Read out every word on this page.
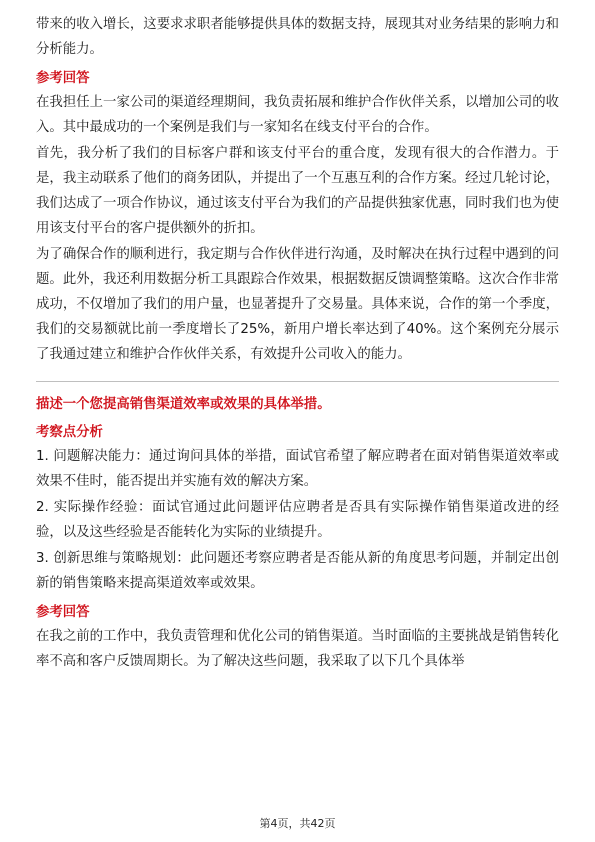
带来的收入增长，这要求求职者能够提供具体的数据支持，展现其对业务结果的影响力和分析能力。

参考回答

在我担任上一家公司的渠道经理期间，我负责拓展和维护合作伙伴关系，以增加公司的收入。其中最成功的一个案例是我们与一家知名在线支付平台的合作。

首先，我分析了我们的目标客户群和该支付平台的重合度，发现有很大的合作潜力。于是，我主动联系了他们的商务团队，并提出了一个互惠互利的合作方案。经过几轮讨论，我们达成了一项合作协议，通过该支付平台为我们的产品提供独家优惠，同时我们也为使用该支付平台的客户提供额外的折扣。

为了确保合作的顺利进行，我定期与合作伙伴进行沟通，及时解决在执行过程中遇到的问题。此外，我还利用数据分析工具跟踪合作效果，根据数据反馈调整策略。这次合作非常成功，不仅增加了我们的用户量，也显著提升了交易量。具体来说，合作的第一个季度，我们的交易额就比前一季度增长了25%，新用户增长率达到了40%。这个案例充分展示了我通过建立和维护合作伙伴关系，有效提升公司收入的能力。

描述一个您提高销售渠道效率或效果的具体举措。
考察点分析

1. 问题解决能力：通过询问具体的举措，面试官希望了解应聘者在面对销售渠道效率或效果不佳时，能否提出并实施有效的解决方案。

2. 实际操作经验：面试官通过此问题评估应聘者是否具有实际操作销售渠道改进的经验，以及这些经验是否能转化为实际的业绩提升。

3. 创新思维与策略规划：此问题还考察应聘者是否能从新的角度思考问题，并制定出创新的销售策略来提高渠道效率或效果。

参考回答

在我之前的工作中，我负责管理和优化公司的销售渠道。当时面临的主要挑战是销售转化率不高和客户反馈周期长。为了解决这些问题，我采取了以下几个具体举

第4页，共42页
